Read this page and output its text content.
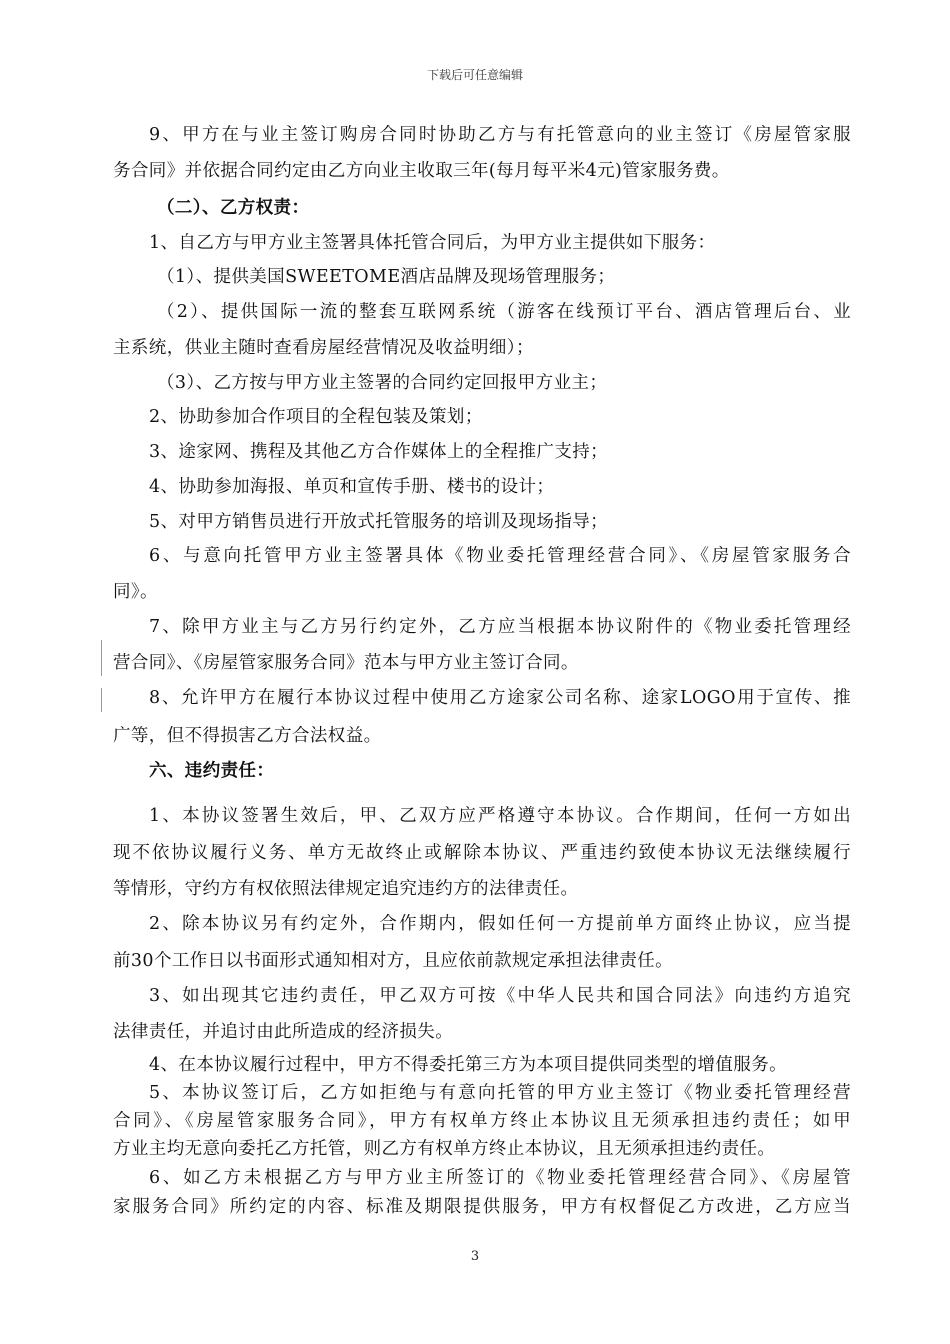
下载后可任意编辑
9、甲方在与业主签订购房合同时协助乙方与有托管意向的业主签订《房屋管家服
务合同》并依据合同约定由乙方向业主收取三年(每月每平米4元)管家服务费。
（二）、乙方权责：
1、自乙方与甲方业主签署具体托管合同后，为甲方业主提供如下服务：
（1）、提供美国SWEETOME酒店品牌及现场管理服务；
（2）、提供国际一流的整套互联网系统（游客在线预订平台、酒店管理后台、业
主系统，供业主随时查看房屋经营情况及收益明细）；
（3）、乙方按与甲方业主签署的合同约定回报甲方业主；
2、协助参加合作项目的全程包装及策划；
3、途家网、携程及其他乙方合作媒体上的全程推广支持；
4、协助参加海报、单页和宣传手册、楼书的设计；
5、对甲方销售员进行开放式托管服务的培训及现场指导；
6、与意向托管甲方业主签署具体《物业委托管理经营合同》、《房屋管家服务合
同》。
7、除甲方业主与乙方另行约定外，乙方应当根据本协议附件的《物业委托管理经
营合同》、《房屋管家服务合同》范本与甲方业主签订合同。
8、允许甲方在履行本协议过程中使用乙方途家公司名称、途家LOGO用于宣传、推
广等，但不得损害乙方合法权益。
六、违约责任：
1、本协议签署生效后，甲、乙双方应严格遵守本协议。合作期间，任何一方如出
现不依协议履行义务、单方无故终止或解除本协议、严重违约致使本协议无法继续履行
等情形，守约方有权依照法律规定追究违约方的法律责任。
2、除本协议另有约定外，合作期内，假如任何一方提前单方面终止协议，应当提
前30个工作日以书面形式通知相对方，且应依前款规定承担法律责任。
3、如出现其它违约责任，甲乙双方可按《中华人民共和国合同法》向违约方追究
法律责任，并追讨由此所造成的经济损失。
4、在本协议履行过程中，甲方不得委托第三方为本项目提供同类型的增值服务。
5、本协议签订后，乙方如拒绝与有意向托管的甲方业主签订《物业委托管理经营
合同》、《房屋管家服务合同》，甲方有权单方终止本协议且无须承担违约责任；如甲
方业主均无意向委托乙方托管，则乙方有权单方终止本协议，且无须承担违约责任。
6、如乙方未根据乙方与甲方业主所签订的《物业委托管理经营合同》、《房屋管
家服务合同》所约定的内容、标准及期限提供服务，甲方有权督促乙方改进，乙方应当
3
